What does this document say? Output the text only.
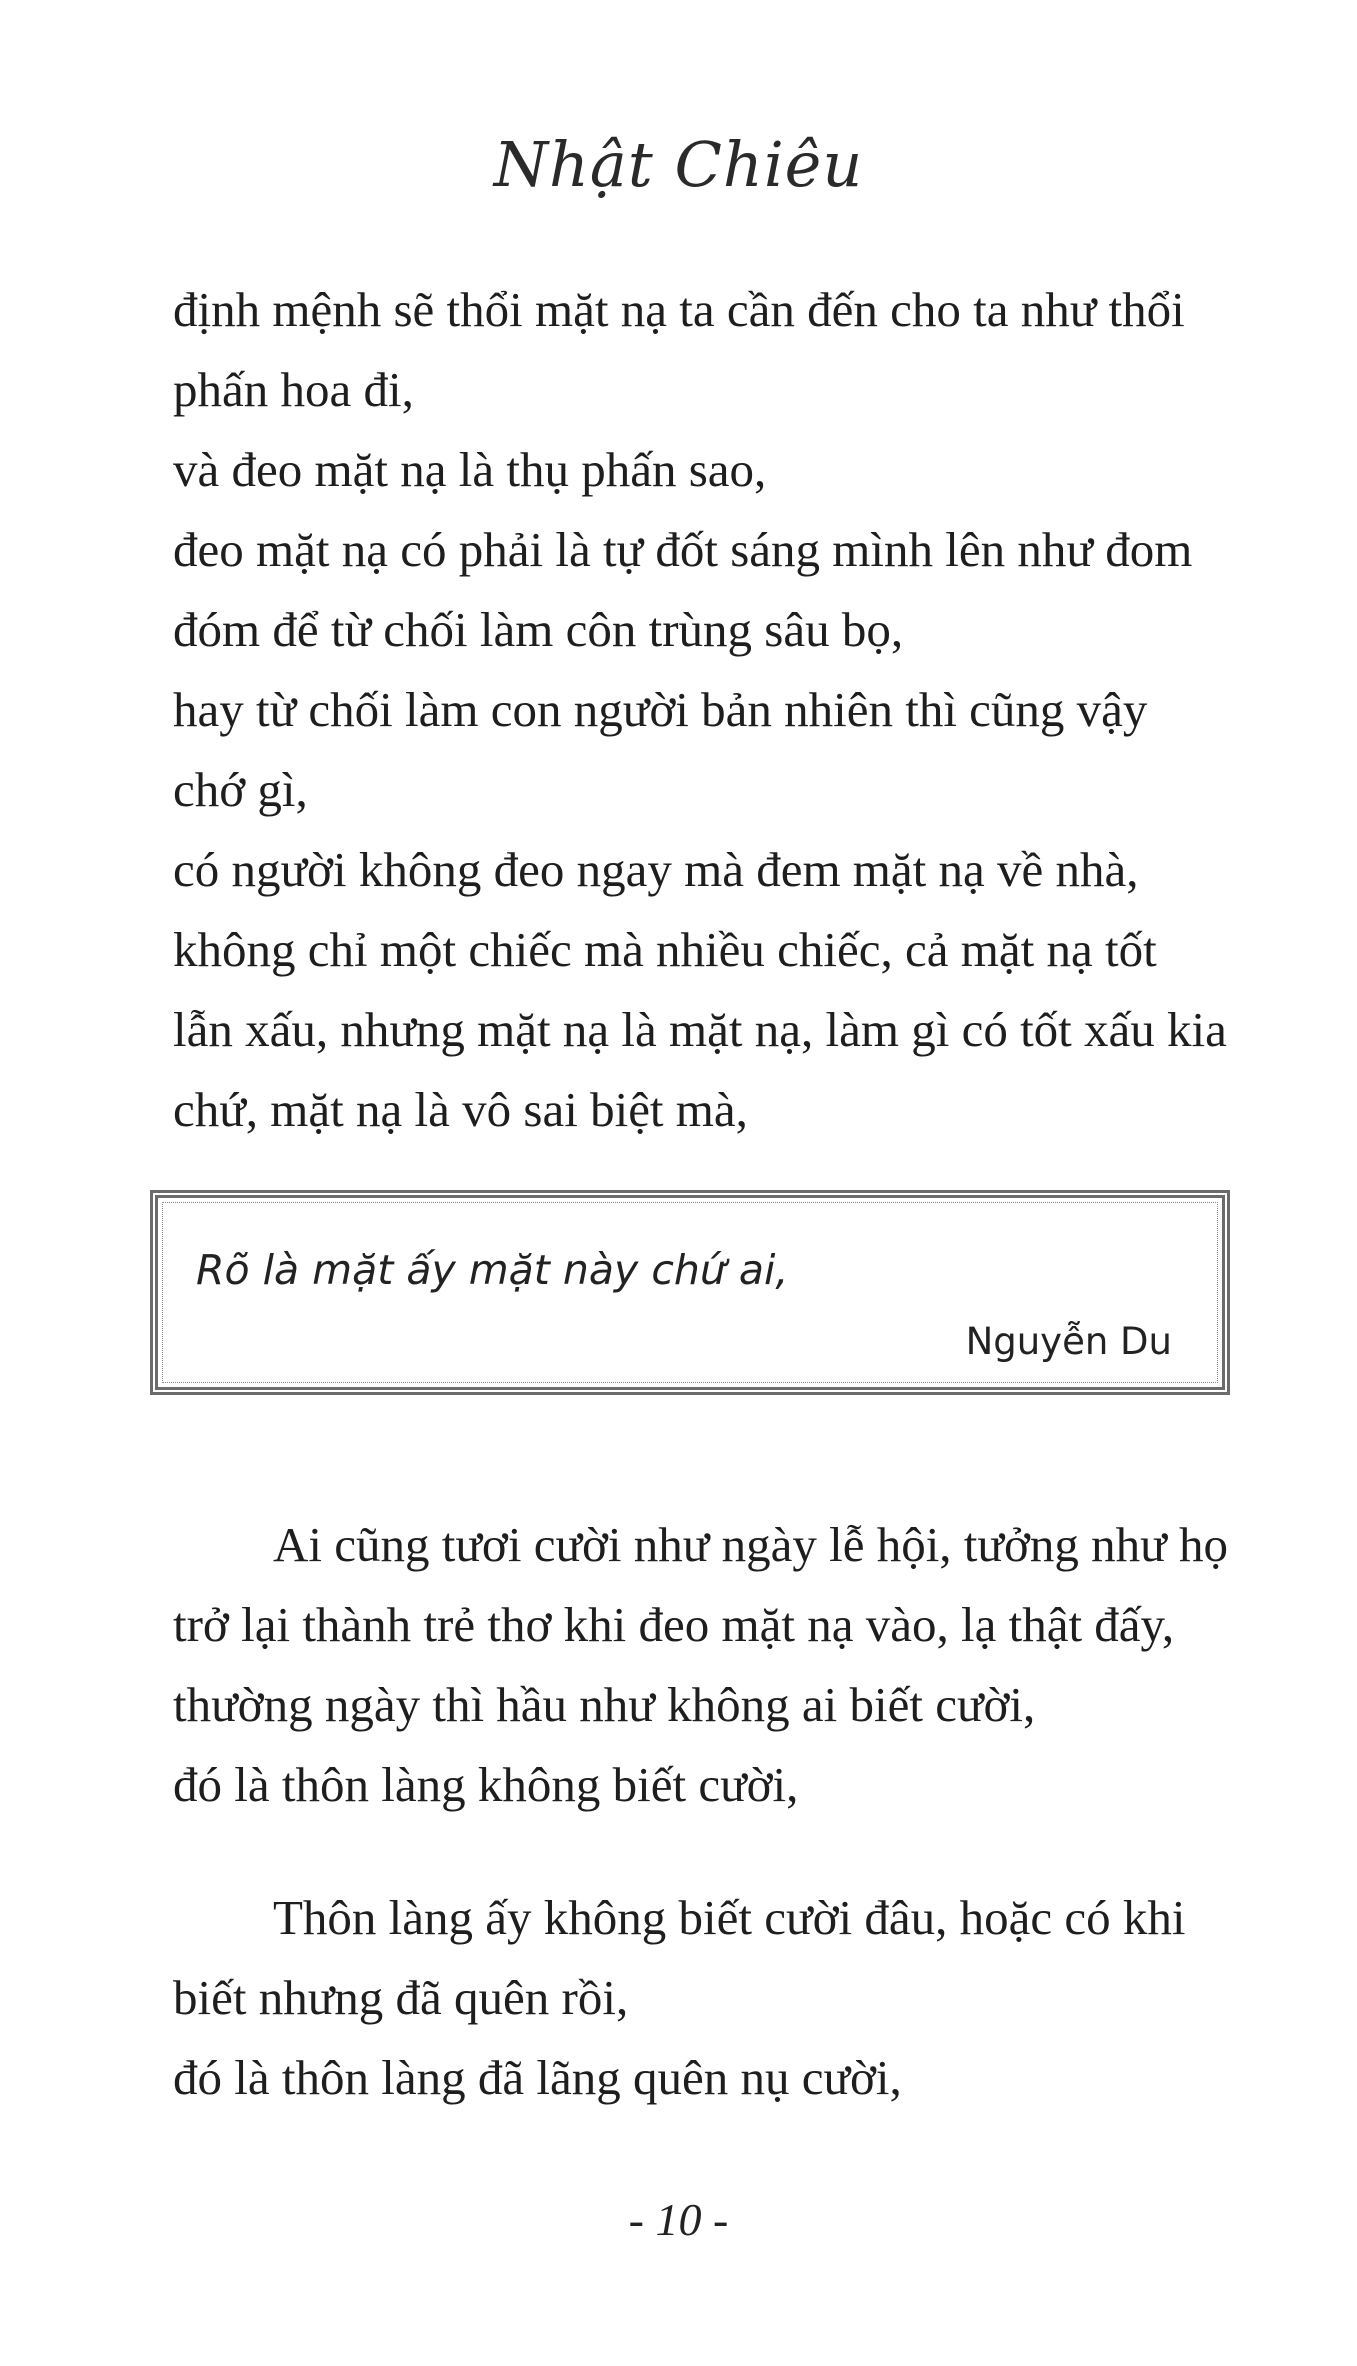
Nhật Chiêu
định mệnh sẽ thổi mặt nạ ta cần đến cho ta như thổi
phấn hoa đi,
và đeo mặt nạ là thụ phấn sao,
đeo mặt nạ có phải là tự đốt sáng mình lên như đom
đóm để từ chối làm côn trùng sâu bọ,
hay từ chối làm con người bản nhiên thì cũng vậy
chớ gì,
có người không đeo ngay mà đem mặt nạ về nhà,
không chỉ một chiếc mà nhiều chiếc, cả mặt nạ tốt
lẫn xấu, nhưng mặt nạ là mặt nạ, làm gì có tốt xấu kia
chứ, mặt nạ là vô sai biệt mà,
Rõ là mặt ấy mặt này chứ ai,
Nguyễn Du
Ai cũng tươi cười như ngày lễ hội, tưởng như họ
trở lại thành trẻ thơ khi đeo mặt nạ vào, lạ thật đấy,
thường ngày thì hầu như không ai biết cười,
đó là thôn làng không biết cười,
Thôn làng ấy không biết cười đâu, hoặc có khi
biết nhưng đã quên rồi,
đó là thôn làng đã lãng quên nụ cười,
- 10 -
